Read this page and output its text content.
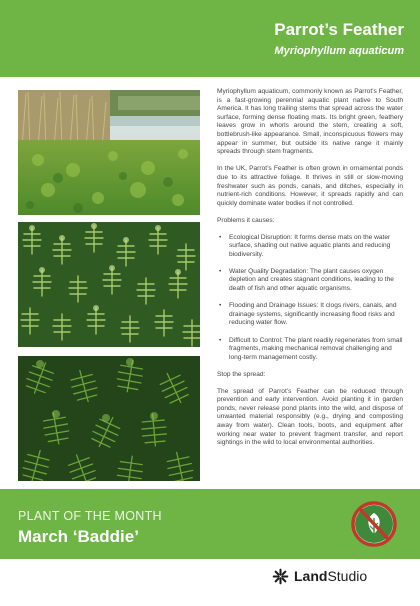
Parrot’s Feather
Myriophyllum aquaticum

Myriophyllum aquaticum, commonly known as Parrot’s Feather, is a fast-growing perennial aquatic plant native to South America. It has long trailing stems that spread across the water surface, forming dense floating mats. Its bright green, feathery leaves grow in whorls around the stem, creating a soft, bottlebrush-like appearance. Small, inconspicuous flowers may appear in summer, but outside its native range it mainly spreads through stem fragments.

In the UK, Parrot’s Feather is often grown in ornamental ponds due to its attractive foliage. It thrives in still or slow-moving freshwater such as ponds, canals, and ditches, especially in nutrient-rich conditions. However, it spreads rapidly and can quickly dominate water bodies if not controlled.

Problems it causes:
• Ecological Disruption: It forms dense mats on the water surface, shading out native aquatic plants and reducing biodiversity.
• Water Quality Degradation: The plant causes oxygen depletion and creates stagnant conditions, leading to the death of fish and other aquatic organisms.
• Flooding and Drainage Issues: It clogs rivers, canals, and drainage systems, significantly increasing flood risks and reducing water flow.
• Difficult to Control: The plant readily regenerates from small fragments, making mechanical removal challenging and long-term management costly.
Stop the spread:

The spread of Parrot’s Feather can be reduced through prevention and early intervention. Avoid planting it in garden ponds, never release pond plants into the wild, and dispose of unwanted material responsibly (e.g., drying and composting away from water). Clean tools, boots, and equipment after working near water to prevent fragment transfer, and report sightings in the wild to local environmental authorities.

PLANT OF THE MONTH
March ‘Baddie’
LandStudio
